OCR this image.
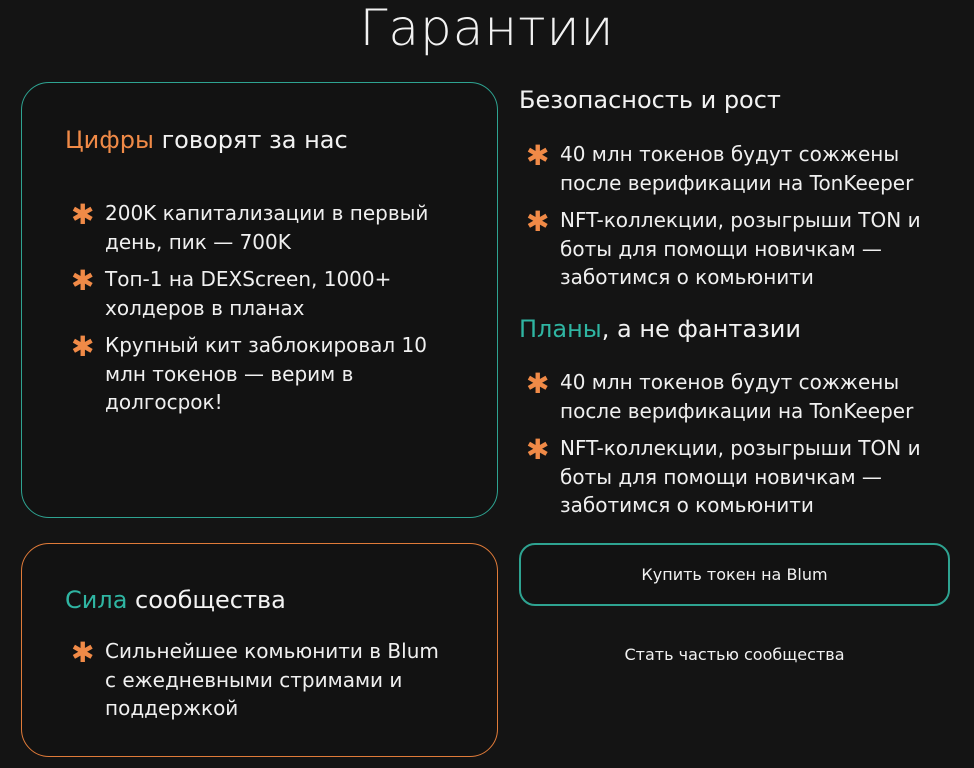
Гарантии
Цифры говорят за нас
✱ 200K капитализации в первый день, пик — 700K
✱ Топ-1 на DEXScreen, 1000+ холдеров в планах
✱ Крупный кит заблокировал 10 млн токенов — верим в долгосрок!
Сила сообщества
✱ Сильнейшее комьюнити в Blum с ежедневными стримами и поддержкой
Безопасность и рост
✱ 40 млн токенов будут сожжены после верификации на TonKeeper
✱ NFT-коллекции, розыгрыши TON и боты для помощи новичкам — заботимся о комьюнити
Планы, а не фантазии
✱ 40 млн токенов будут сожжены после верификации на TonKeeper
✱ NFT-коллекции, розыгрыши TON и боты для помощи новичкам — заботимся о комьюнити
Купить токен на Blum
Стать частью сообщества
